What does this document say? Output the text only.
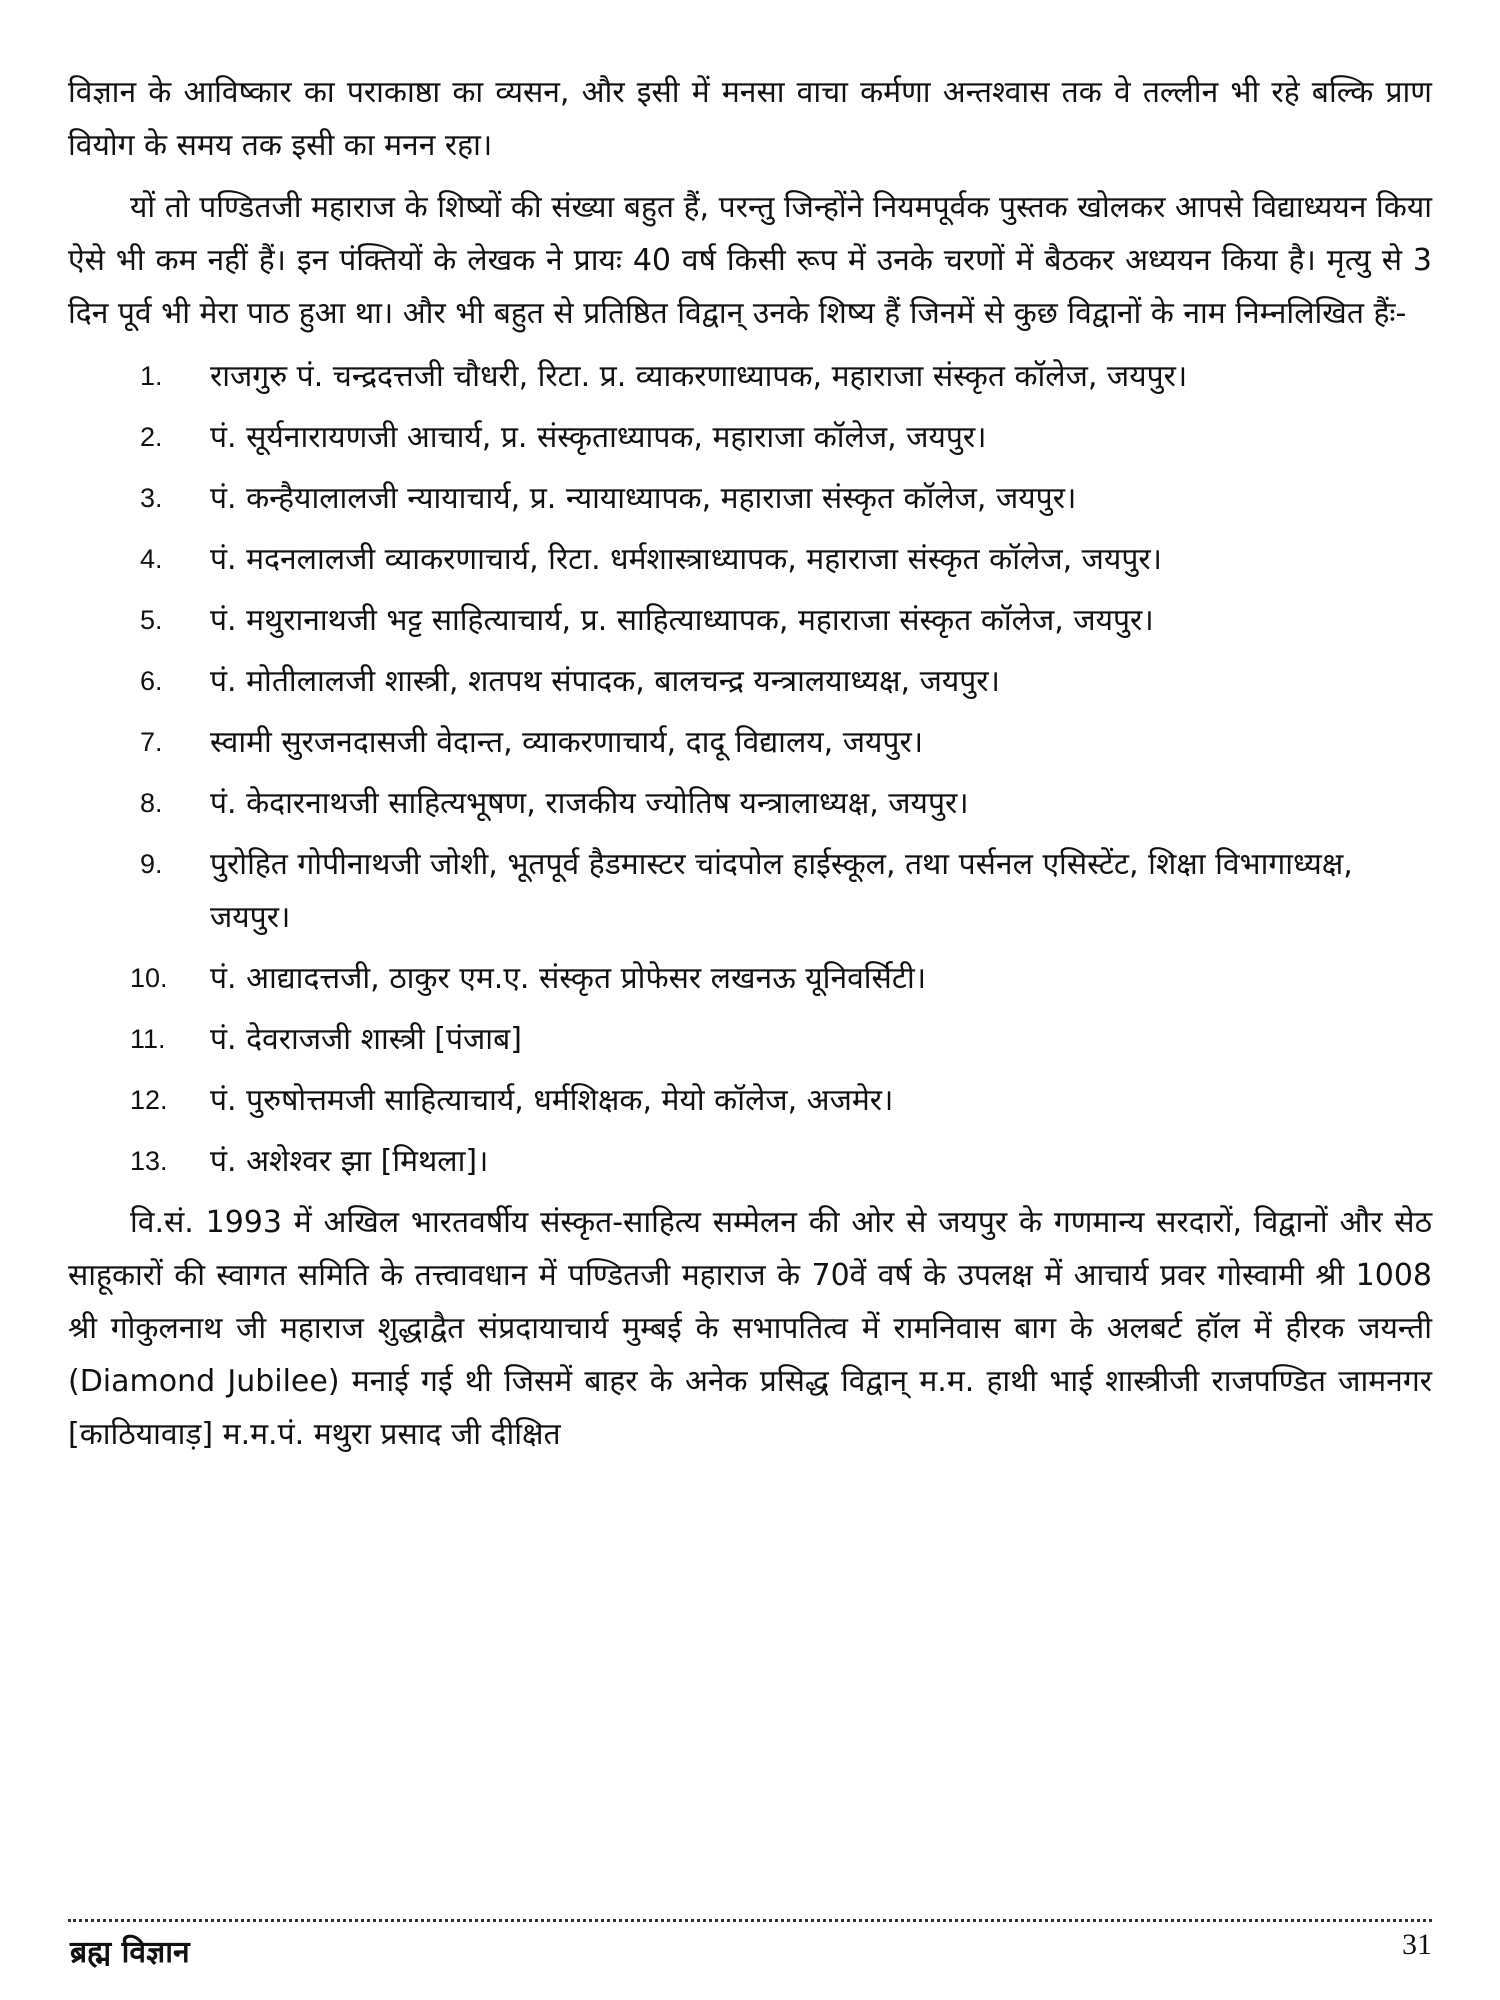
विज्ञान के आविष्कार का पराकाष्ठा का व्यसन, और इसी में मनसा वाचा कर्मणा अन्तश्वास तक वे तल्लीन भी रहे बल्कि प्राण वियोग के समय तक इसी का मनन रहा।

यों तो पण्डितजी महाराज के शिष्यों की संख्या बहुत हैं, परन्तु जिन्होंने नियमपूर्वक पुस्तक खोलकर आपसे विद्याध्ययन किया ऐसे भी कम नहीं हैं। इन पंक्तियों के लेखक ने प्रायः 40 वर्ष किसी रूप में उनके चरणों में बैठकर अध्ययन किया है। मृत्यु से 3 दिन पूर्व भी मेरा पाठ हुआ था। और भी बहुत से प्रतिष्ठित विद्वान् उनके शिष्य हैं जिनमें से कुछ विद्वानों के नाम निम्नलिखित हैंः-

1. राजगुरु पं. चन्द्रदत्तजी चौधरी, रिटा. प्र. व्याकरणाध्यापक, महाराजा संस्कृत कॉलेज, जयपुर।
2. पं. सूर्यनारायणजी आचार्य, प्र. संस्कृताध्यापक, महाराजा कॉलेज, जयपुर।
3. पं. कन्हैयालालजी न्यायाचार्य, प्र. न्यायाध्यापक, महाराजा संस्कृत कॉलेज, जयपुर।
4. पं. मदनलालजी व्याकरणाचार्य, रिटा. धर्मशास्त्राध्यापक, महाराजा संस्कृत कॉलेज, जयपुर।
5. पं. मथुरानाथजी भट्ट साहित्याचार्य, प्र. साहित्याध्यापक, महाराजा संस्कृत कॉलेज, जयपुर।
6. पं. मोतीलालजी शास्त्री, शतपथ संपादक, बालचन्द्र यन्त्रालयाध्यक्ष, जयपुर।
7. स्वामी सुरजनदासजी वेदान्त, व्याकरणाचार्य, दादू विद्यालय, जयपुर।
8. पं. केदारनाथजी साहित्यभूषण, राजकीय ज्योतिष यन्त्रालाध्यक्ष, जयपुर।
9. पुरोहित गोपीनाथजी जोशी, भूतपूर्व हैडमास्टर चांदपोल हाईस्कूल, तथा पर्सनल एसिस्टेंट, शिक्षा विभागाध्यक्ष, जयपुर।
10. पं. आद्यादत्तजी, ठाकुर एम.ए. संस्कृत प्रोफेसर लखनऊ यूनिवर्सिटी।
11. पं. देवराजजी शास्त्री [पंजाब]
12. पं. पुरुषोत्तमजी साहित्याचार्य, धर्मशिक्षक, मेयो कॉलेज, अजमेर।
13. पं. अशेश्वर झा [मिथला]।

वि.सं. 1993 में अखिल भारतवर्षीय संस्कृत-साहित्य सम्मेलन की ओर से जयपुर के गणमान्य सरदारों, विद्वानों और सेठ साहूकारों की स्वागत समिति के तत्त्वावधान में पण्डितजी महाराज के 70वें वर्ष के उपलक्ष में आचार्य प्रवर गोस्वामी श्री 1008 श्री गोकुलनाथ जी महाराज शुद्धाद्वैत संप्रदायाचार्य मुम्बई के सभापतित्व में रामनिवास बाग के अलबर्ट हॉल में हीरक जयन्ती (Diamond Jubilee) मनाई गई थी जिसमें बाहर के अनेक प्रसिद्ध विद्वान् म.म. हाथी भाई शास्त्रीजी राजपण्डित जामनगर [काठियावाड़] म.म.पं. मथुरा प्रसाद जी दीक्षित

ब्रह्म विज्ञान	31
